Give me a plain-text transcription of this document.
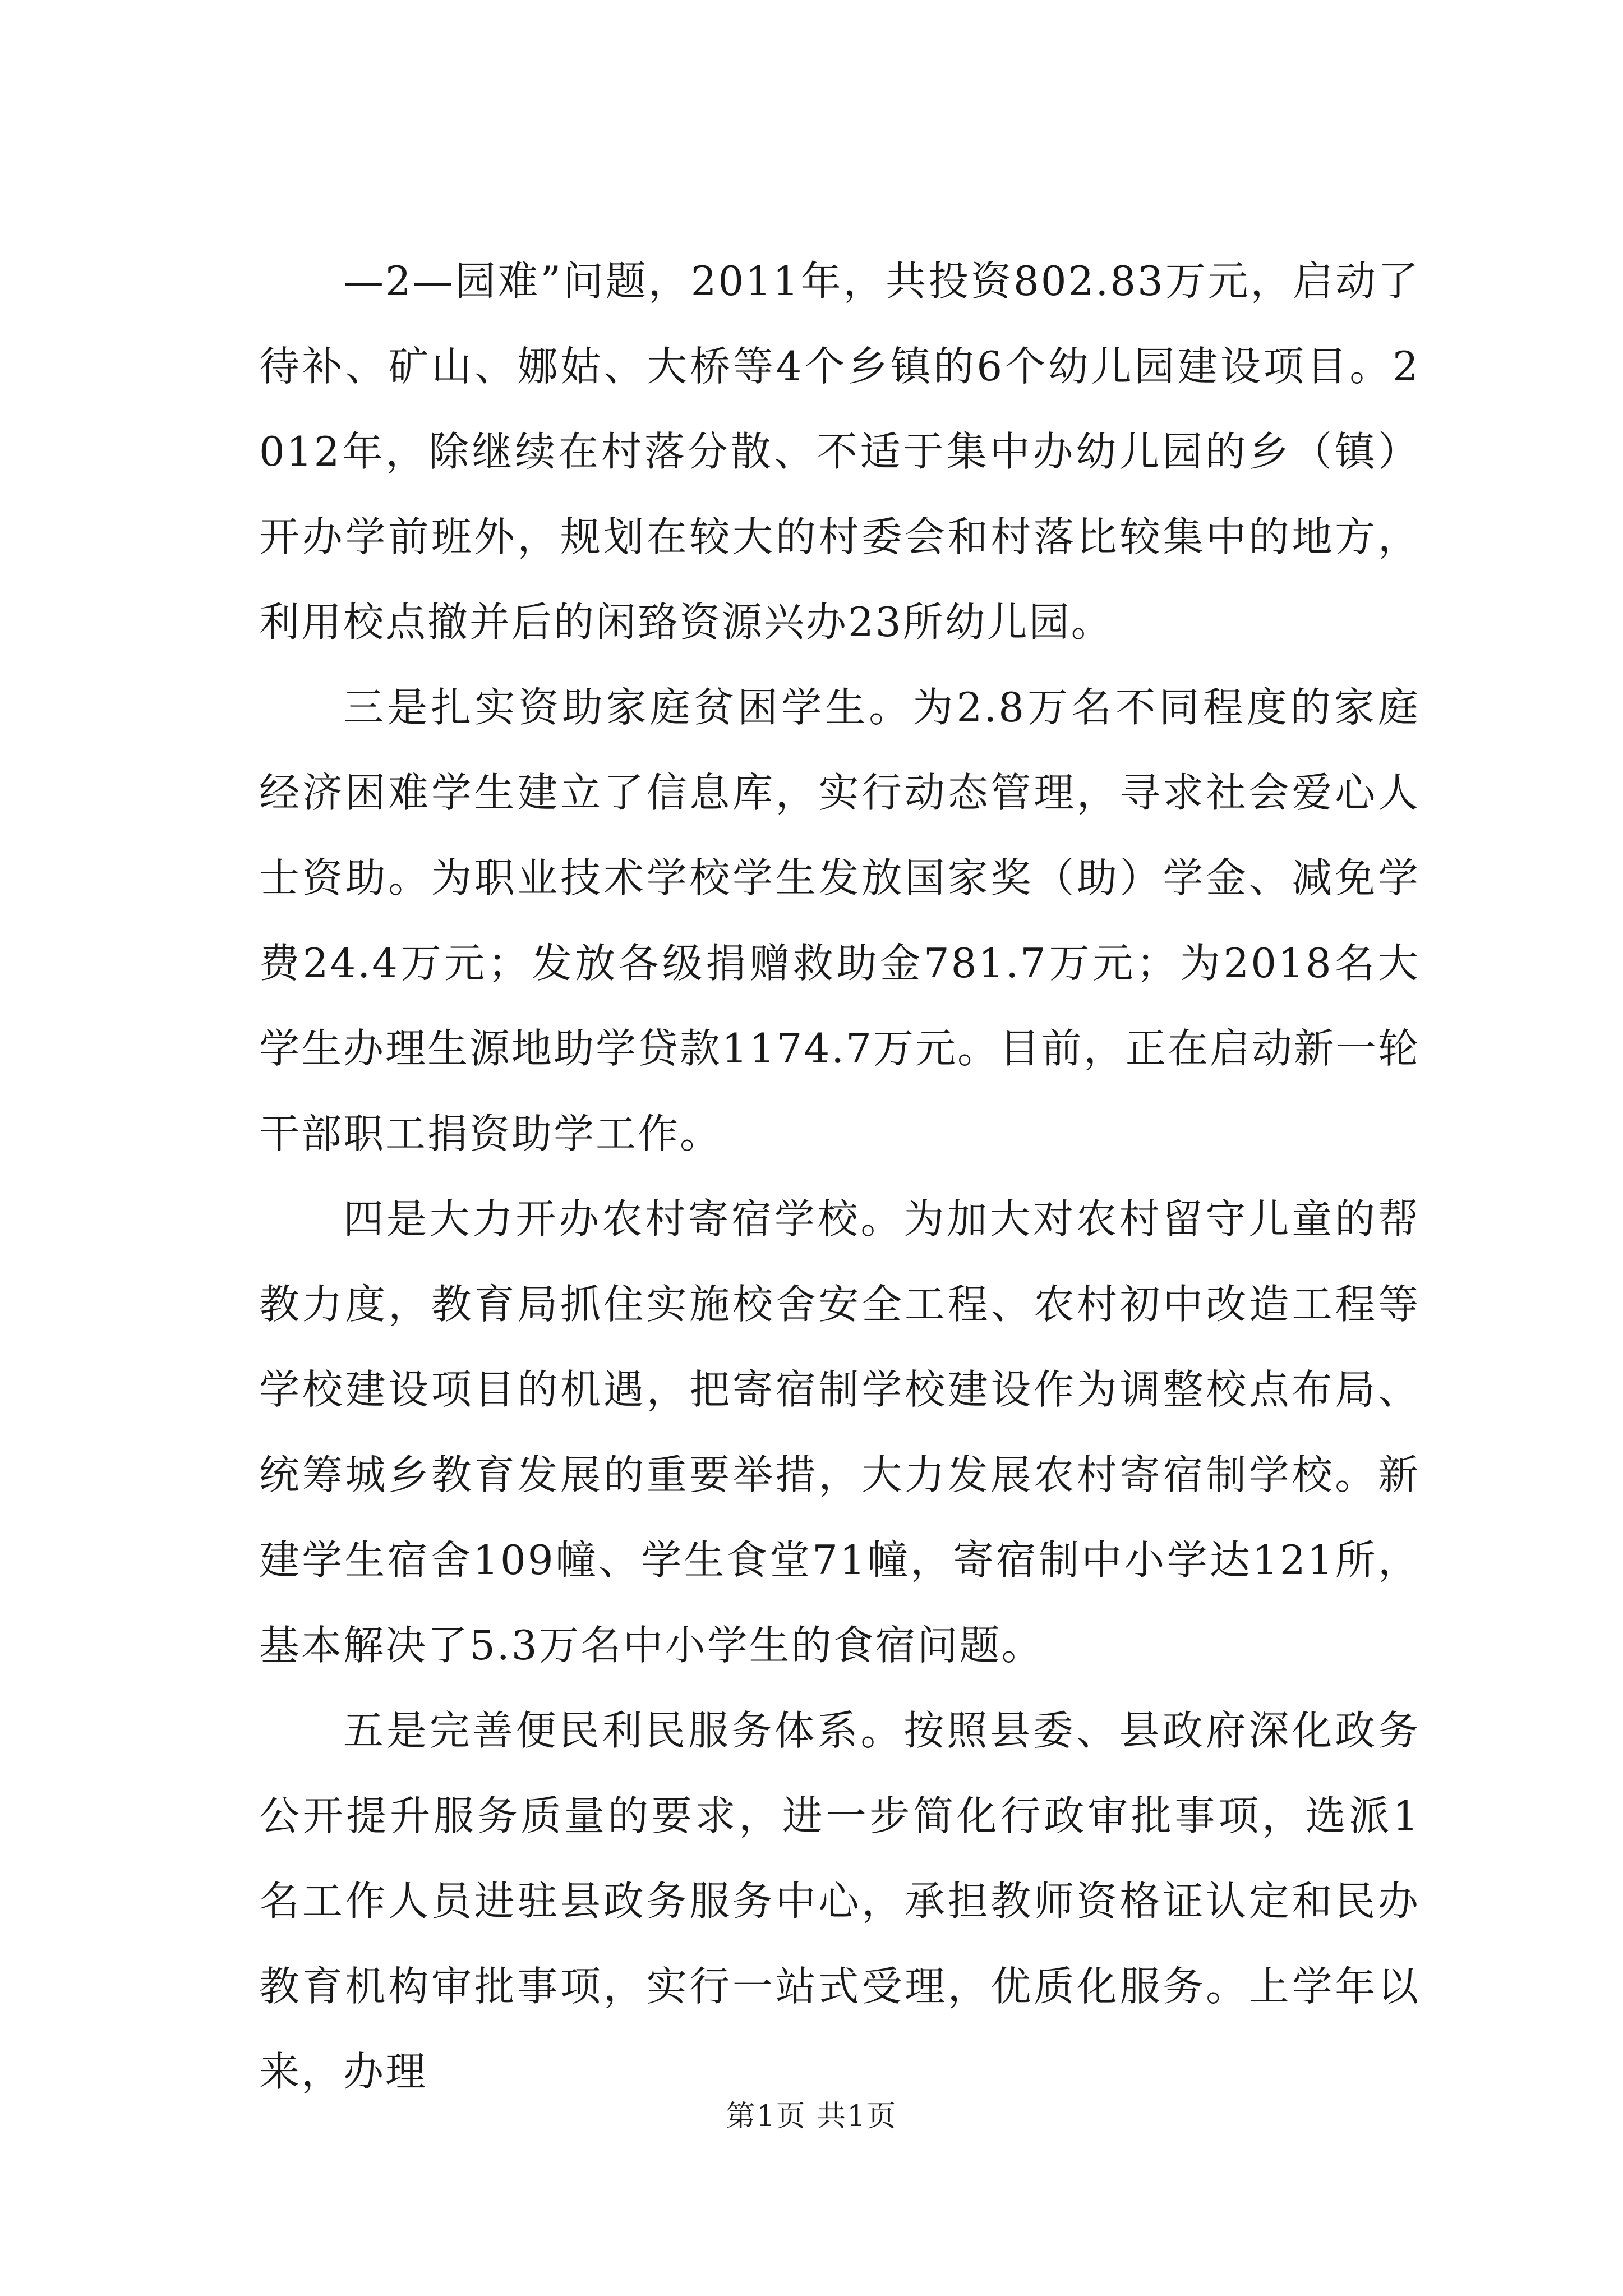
—2—园难”问题，2011年，共投资802.83万元，启动了待补、矿山、娜姑、大桥等4个乡镇的6个幼儿园建设项目。2012年，除继续在村落分散、不适于集中办幼儿园的乡（镇）开办学前班外，规划在较大的村委会和村落比较集中的地方，利用校点撤并后的闲臵资源兴办23所幼儿园。

三是扎实资助家庭贫困学生。为2.8万名不同程度的家庭经济困难学生建立了信息库，实行动态管理，寻求社会爱心人士资助。为职业技术学校学生发放国家奖（助）学金、减免学费24.4万元；发放各级捐赠救助金781.7万元；为2018名大学生办理生源地助学贷款1174.7万元。目前，正在启动新一轮干部职工捐资助学工作。

四是大力开办农村寄宿学校。为加大对农村留守儿童的帮教力度，教育局抓住实施校舍安全工程、农村初中改造工程等学校建设项目的机遇，把寄宿制学校建设作为调整校点布局、统筹城乡教育发展的重要举措，大力发展农村寄宿制学校。新建学生宿舍109幢、学生食堂71幢，寄宿制中小学达121所，基本解决了5.3万名中小学生的食宿问题。

五是完善便民利民服务体系。按照县委、县政府深化政务公开提升服务质量的要求，进一步简化行政审批事项，选派1名工作人员进驻县政务服务中心，承担教师资格证认定和民办教育机构审批事项，实行一站式受理，优质化服务。上学年以来，办理

第1页 共1页
